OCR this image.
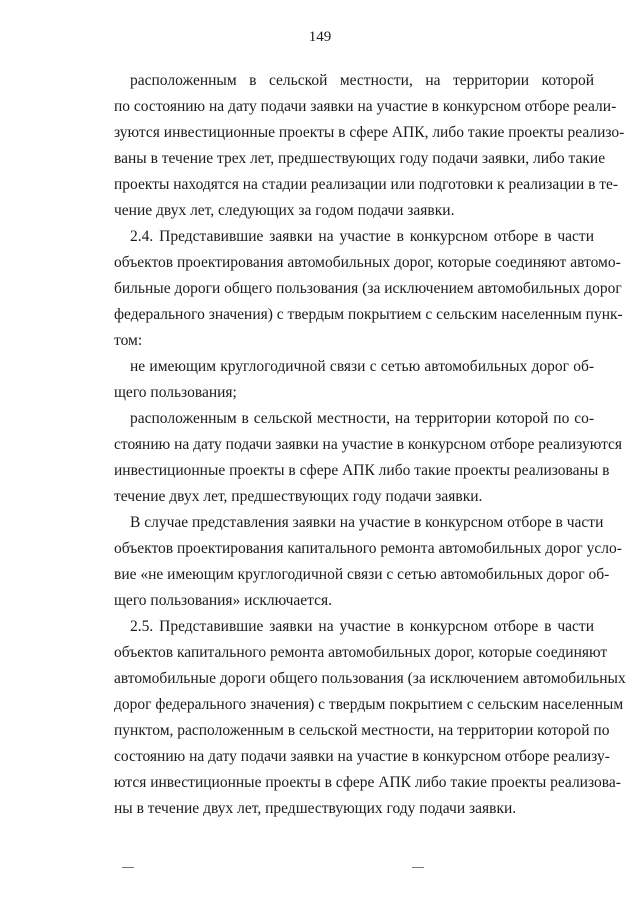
149
расположенным в сельской местности, на территории которой
по состоянию на дату подачи заявки на участие в конкурсном отборе реали-
зуются инвестиционные проекты в сфере АПК, либо такие проекты реализо-
ваны в течение трех лет, предшествующих году подачи заявки, либо такие
проекты находятся на стадии реализации или подготовки к реализации в те-
чение двух лет, следующих за годом подачи заявки.
2.4. Представившие заявки на участие в конкурсном отборе в части
объектов проектирования автомобильных дорог, которые соединяют автомо-
бильные дороги общего пользования (за исключением автомобильных дорог
федерального значения) с твердым покрытием с сельским населенным пунк-
том:
не имеющим круглогодичной связи с сетью автомобильных дорог об-
щего пользования;
расположенным в сельской местности, на территории которой по со-
стоянию на дату подачи заявки на участие в конкурсном отборе реализуются
инвестиционные проекты в сфере АПК либо такие проекты реализованы в
течение двух лет, предшествующих году подачи заявки.
В случае представления заявки на участие в конкурсном отборе в части
объектов проектирования капитального ремонта автомобильных дорог усло-
вие «не имеющим круглогодичной связи с сетью автомобильных дорог об-
щего пользования» исключается.
2.5. Представившие заявки на участие в конкурсном отборе в части
объектов капитального ремонта автомобильных дорог, которые соединяют
автомобильные дороги общего пользования (за исключением автомобильных
дорог федерального значения) с твердым покрытием с сельским населенным
пунктом, расположенным в сельской местности, на территории которой по
состоянию на дату подачи заявки на участие в конкурсном отборе реализу-
ются инвестиционные проекты в сфере АПК либо такие проекты реализова-
ны в течение двух лет, предшествующих году подачи заявки.
